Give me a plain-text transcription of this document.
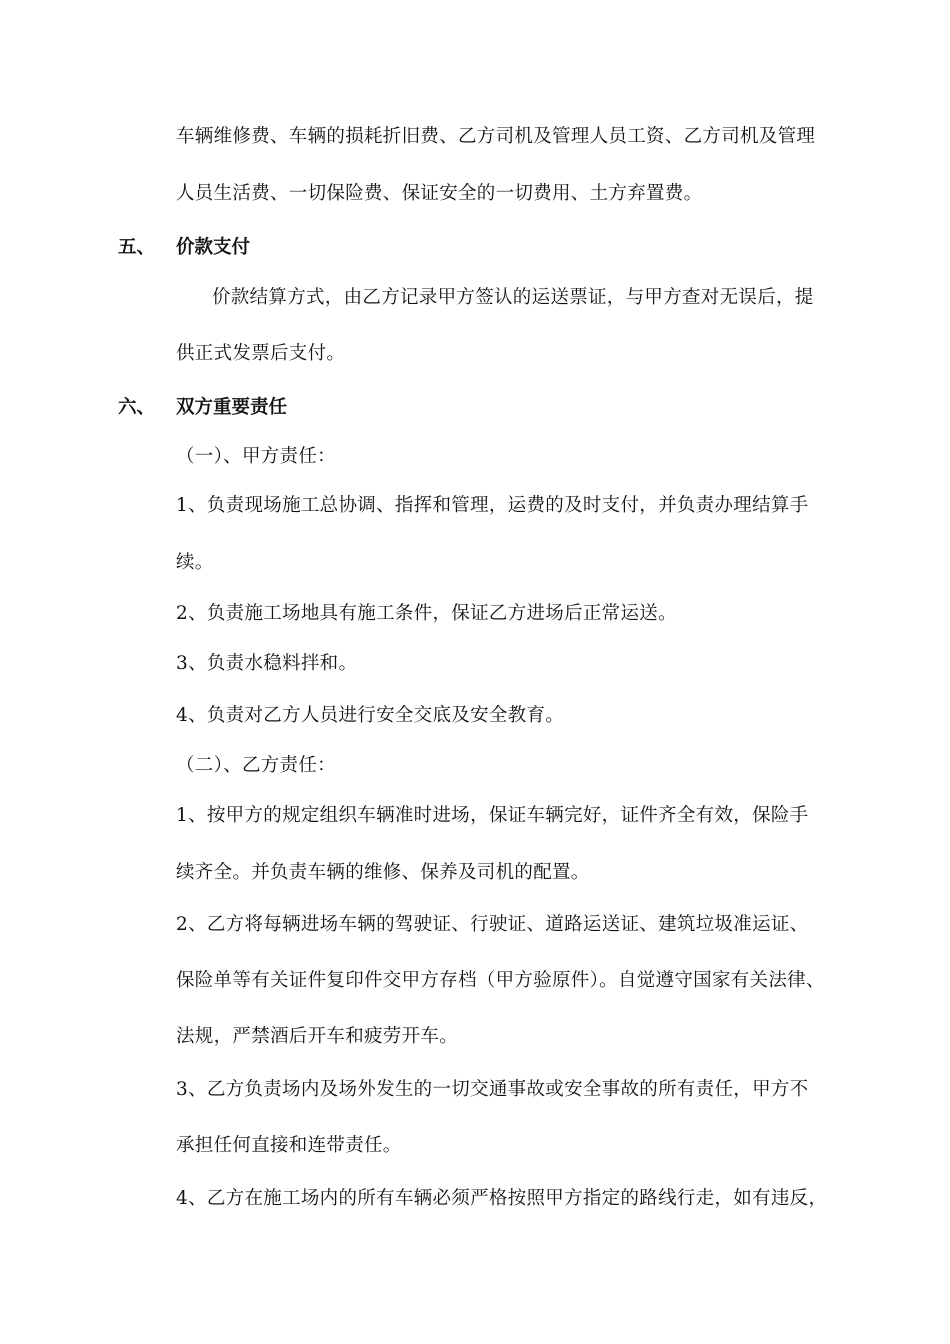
车辆维修费、车辆的损耗折旧费、乙方司机及管理人员工资、乙方司机及管理
人员生活费、一切保险费、保证安全的一切费用、土方弃置费。
五、 价款支付
价款结算方式，由乙方记录甲方签认的运送票证，与甲方查对无误后，提
供正式发票后支付。
六、 双方重要责任
（一）、甲方责任：
1、负责现场施工总协调、指挥和管理，运费的及时支付，并负责办理结算手
续。
2、负责施工场地具有施工条件，保证乙方进场后正常运送。
3、负责水稳料拌和。
4、负责对乙方人员进行安全交底及安全教育。
（二）、乙方责任：
1、按甲方的规定组织车辆准时进场，保证车辆完好，证件齐全有效，保险手
续齐全。并负责车辆的维修、保养及司机的配置。
2、乙方将每辆进场车辆的驾驶证、行驶证、道路运送证、建筑垃圾准运证、
保险单等有关证件复印件交甲方存档（甲方验原件）。自觉遵守国家有关法律、
法规，严禁酒后开车和疲劳开车。
3、乙方负责场内及场外发生的一切交通事故或安全事故的所有责任，甲方不
承担任何直接和连带责任。
4、乙方在施工场内的所有车辆必须严格按照甲方指定的路线行走，如有违反，
